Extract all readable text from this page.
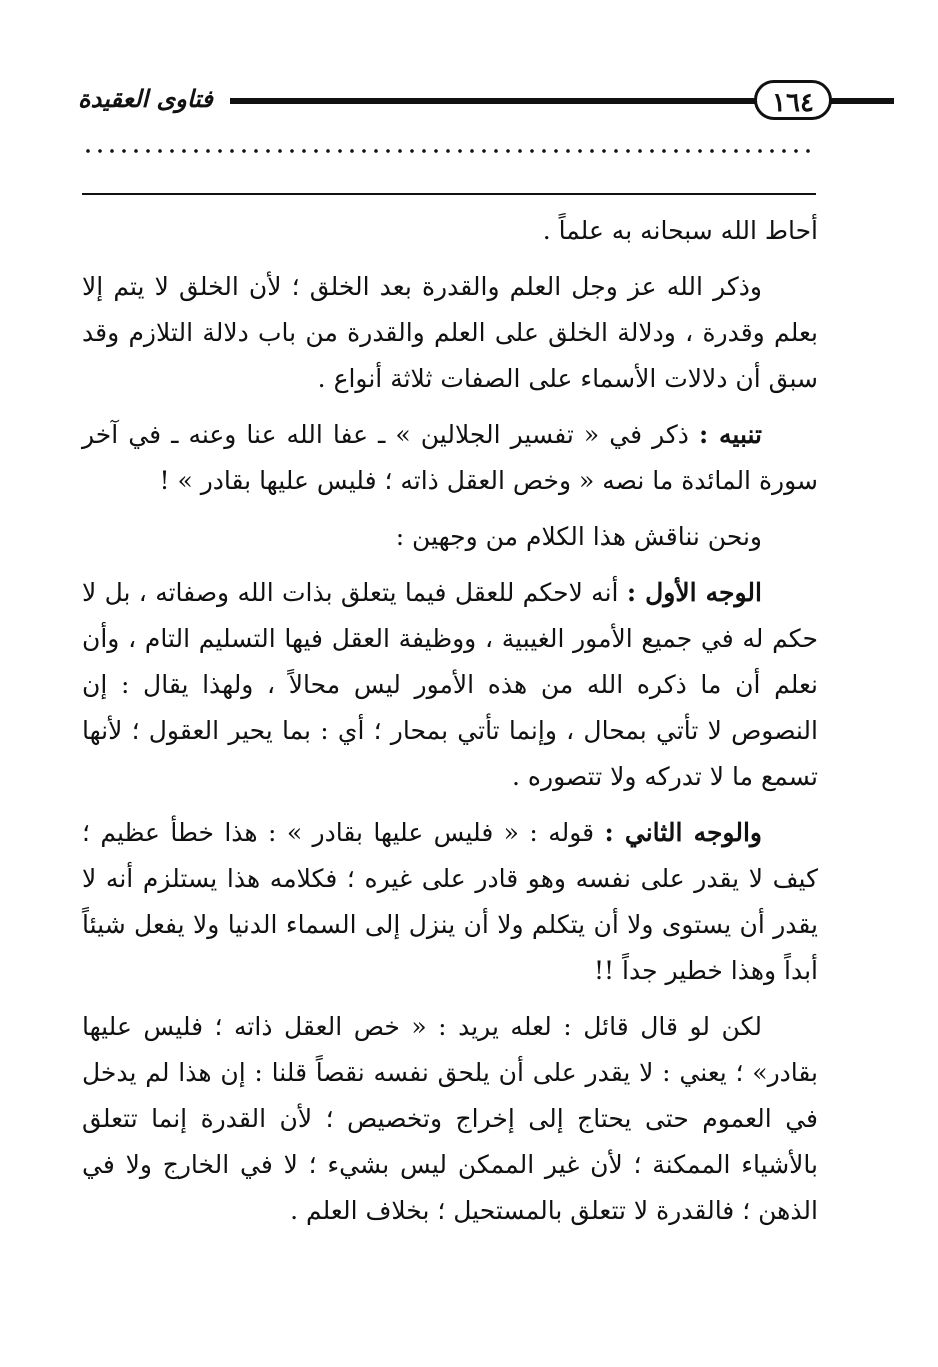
فتاوى العقيدة	١٦٤

أحاط الله سبحانه به علماً .

وذكر الله عز وجل العلم والقدرة بعد الخلق ؛ لأن الخلق لا يتم إلا بعلم وقدرة ، ودلالة الخلق على العلم والقدرة من باب دلالة التلازم وقد سبق أن دلالات الأسماء على الصفات ثلاثة أنواع .

تنبيه : ذكر في « تفسير الجلالين » ـ عفا الله عنا وعنه ـ في آخر سورة المائدة ما نصه « وخص العقل ذاته ؛ فليس عليها بقادر » !

ونحن نناقش هذا الكلام من وجهين :

الوجه الأول : أنه لاحكم للعقل فيما يتعلق بذات الله وصفاته ، بل لا حكم له في جميع الأمور الغيبية ، ووظيفة العقل فيها التسليم التام ، وأن نعلم أن ما ذكره الله من هذه الأمور ليس محالاً ، ولهذا يقال : إن النصوص لا تأتي بمحال ، وإنما تأتي بمحار ؛ أي : بما يحير العقول ؛ لأنها تسمع ما لا تدركه ولا تتصوره .

والوجه الثاني : قوله : « فليس عليها بقادر » : هذا خطأ عظيم ؛ كيف لا يقدر على نفسه وهو قادر على غيره ؛ فكلامه هذا يستلزم أنه لا يقدر أن يستوى ولا أن يتكلم ولا أن ينزل إلى السماء الدنيا ولا يفعل شيئاً أبداً وهذا خطير جداً !!

لكن لو قال قائل : لعله يريد : « خص العقل ذاته ؛ فليس عليها بقادر» ؛ يعني : لا يقدر على أن يلحق نفسه نقصاً قلنا : إن هذا لم يدخل في العموم حتى يحتاج إلى إخراج وتخصيص ؛ لأن القدرة إنما تتعلق بالأشياء الممكنة ؛ لأن غير الممكن ليس بشيء ؛ لا في الخارج ولا في الذهن ؛ فالقدرة لا تتعلق بالمستحيل ؛ بخلاف العلم .
